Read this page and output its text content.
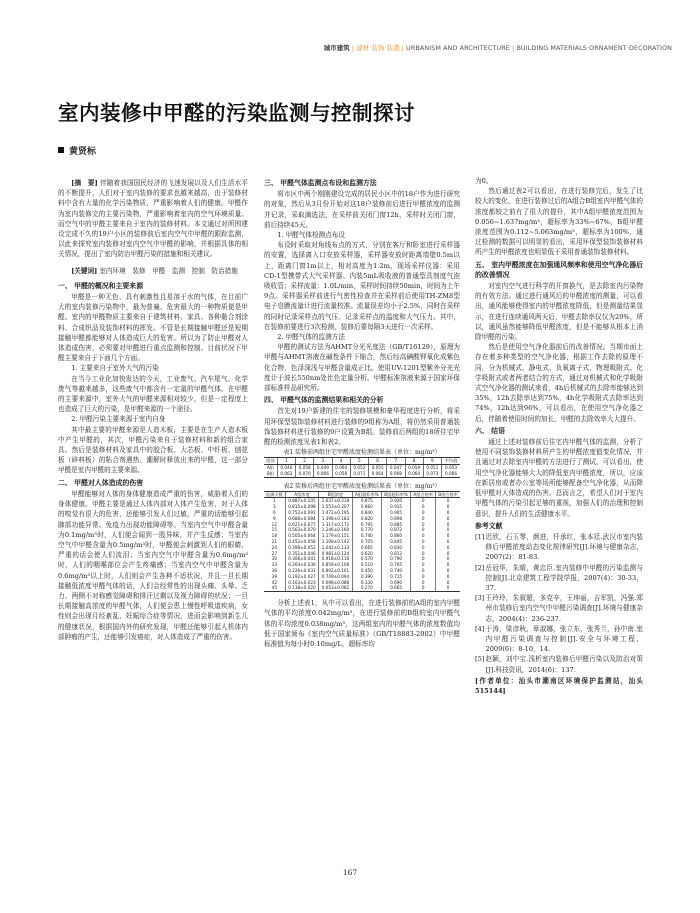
城市建筑 | 建材·装饰·装潢 | URBANISM AND ARCHITECTURE | BUILDING MATERIALS·ORNAMENT·DECORATION
室内装修中甲醛的污染监测与控制探讨
黄贤标

[摘　要] 伴随着我国国民经济的飞速发展以及人们生活水平的不断提升，人们对于室内装修的要求也越来越高，由于装修材料中含有大量的化学污染物质，严重影响着人们的健康。甲醛作为室内装修完的主要污染物，严重影响着室内的空气环境质量。而空气中的甲醛主要来自于室内的装修材料。本文通过对所围建设完成不久的19户小区的装修前后室内空气中甲醛的跟踪监测，以此来探究室内装修对室内空气中甲醛的影响，并根据具体的相关情况，提出了室内防治甲醛污染的措施和相关建议。

[关键词] 室内环境　装修　甲醛　监测　控制　防治措施

一、 甲醛的概况和主要来源

甲醛是一种无色、具有刺激性且易溶于水的气体，在目前广大的室内装修污染物中，最为普遍、危害最大的一种物质便是甲醛。室内的甲醛物质主要来自于建筑材料、家具、各种黏合剂涂料、合成织品及装饰材料的挥发。不管是长期接触甲醛还是短期接触甲醛都能够对人体造成巨大的危害。所以为了防止甲醛对人体造成伤害，必须要对甲醛进行重点监测和控制。目前状况下甲醛主要来自于下面几个方面。

1. 主要来自于室外大气的污染

在当今工业化加快发达的今天，工业废气、汽车尾气、化学废气等越来越多，这些废气中都含有一定量的甲醛气体。在甲醛的主要来源中，室外大气的甲醛来源相对较少，但是一定程度上也造成了巨大的污染，是甲醛来源的一个途径。

2. 甲醛污染主要来源于室内自身

其中最主要的甲醛来源是人造木板，主要是在生产人造木板中产生甲醛的，其次，甲醛污染来自于装修材料和新的组合家具。然后是装修材料及家具中的胶合板、大芯板、中纤板、刨花板（碎料板）的粘合剂遇热、潮解时释放出来的甲醛，这一部分甲醛是室内甲醛的主要来源。

二、 甲醛对人体造成的伤害

甲醛能够对人体的身体健康造成严重的伤害，威胁着人们的身体健康。甲醛主要是通过人体内部对人体产生危害，对于人体的嗅觉有很大的危害，还能够引发人们过敏，严重的话能够引起肺部功能异常、免疫力出现功能障碍等。当室内空气中甲醛含量为0.1mg/m³时，人们便会闻到一股异味，并产生反感；当室内空气中甲醛含量为0.5mg/m³时，甲醛便会刺激到人们的眼睛，严重的话会使人们流泪；当室内空气中甲醛含量为0.6mg/m³时，人们的咽喉部位会产生疼痛感；当室内空气中甲醛含量为0.6mg/m³以上时，人们则会产生各种不适状况，并且一旦长期接触低浓度甲醛气体的话，人们会经常性的出现头痛、头晕、乏力、两侧不对称感觉障碍和排汗过剩以及视力障碍的状况；一旦长期接触高浓度的甲醛气体，人们便会患上慢性呼吸道疾病，女性则会出现月经紊乱、妊娠综合症等情况，进而会影响到新生儿的健康状况，根据国内外的研究发现，甲醛还能够引起人机体内部肿瘤的产生，还能够引发癌症，对人体造成了严重的伤害。

三、 甲醛气体监测点布设和监测方法

将市区中两个刚刚建设完成的居民小区中的18户作为进行研究的对象，然后从3月份开始对这18户装修前后进行甲醛浓度的监测并记录，采取滴选法，在采样前关闭门窗12h，采样时关闭门窗，前后持续45天。

1. 甲醛气体检测点布设

布设时采取对角线布点的方式，分别在客厅和卧室进行采样器的安置，选择离入口安放采样器，采样器安放时距离墙壁0.5m以上，距离门窗1m以上，相对高度为1.2m，现场采样仪器：采用CD-1型携带式大气采样器、内装5mL吸收液的普通型具刻度气泡吸收管；采样流量：1.0L/min，采样时间持续50min，时间为上午9点。采样器采样前进行气密性检查并在采样前后使用TH-ZM8型电子皂膜流量计进行流量校准。流量误差均小于2.5%，同时在采样的同时记录采样点的气压、记录采样点的温度和大气压力。其中，在装修前要进行3次检测，装修后要每隔3天进行一次采样。

2. 甲醛气体的监测方法

甲醛的测试方法为AHMT分光光度法（GB/T16129），原理为甲醛与AHMT溶液在碱性条件下缩合，然后经高碘酸钾氧化成紫色化合物，色泽深浅与甲醛含量成正比。使用UV-1201型紫外分光光度计于波长550nm处比色定量分析。甲醛标准溶液来源于国家环保部标准样品研究所。

四、 甲醛气体的监测结果和相关的分析

首先对19户新建的住宅的装修规模和豪华程度进行分析，将采用环保型装饰装修材料进行装修的9组称为A组，将仍然采用普通装饰装修材料进行装修的9户设置为B组。装修前后两组的18所住宅甲醛的检测浓度见表1和表2。

表1 装修前两组住宅甲醛浓度检测结果表（单位：mg/m³）
组别	1	2	3	4	5	6	7	8	9	平均值
A组	0.046	0.058	0.049	0.060	0.052	0.055	0.047	0.059	0.051	0.053
B组	0.062	0.070	0.066	0.058	0.071	0.064	0.068	0.060	0.073	0.066
表2 装修后两组住宅甲醛浓度检测结果表（单位：mg/m³）
监测天数	A组浓度	B组浓度	A组超标率%	B组超标率%	A组合格率	B组合格率
1	0.887±0.105	1.637±0.218	0.875	0.920	0	0
3	0.815±0.098	1.553±0.207	0.860	0.915	0	0
6	0.752±0.091	1.472±0.195	0.840	0.905	0	0
9	0.688±0.084	1.398±0.183	0.820	0.898	0	0
12	0.621±0.077	1.317±0.172	0.795	0.885	0	0
15	0.563±0.070	1.246±0.160	0.770	0.872	0	0
18	0.505±0.064	1.179±0.151	0.740	0.860	0	0
21	0.452±0.058	1.108±0.142	0.705	0.845	0	0
24	0.398±0.052	1.042±0.133	0.665	0.830	0	0
27	0.351±0.046	0.981±0.124	0.620	0.812	0	0
30	0.306±0.041	0.918±0.116	0.570	0.790	0	0
33	0.264±0.036	0.859±0.108	0.510	0.765	0	0
36	0.226±0.031	0.802±0.101	0.450	0.740	0	0
39	0.192±0.027	0.749±0.094	0.390	0.715	0	0
42	0.163±0.023	0.698±0.088	0.330	0.690	0	0
45	0.138±0.020	0.653±0.082	0.270	0.665	0	0

分析上述表1，从中可以看出，在进行装修前的A组的室内甲醛气体的平均浓度0.042mg/m³，在进行装修前的B组的室内甲醛气体的平均浓度0.038mg/m³，这两组室内的甲醛气体的浓度数值均低于国家颁布《室内空气质量标准》（GB/T18883-2002）中甲醛标准值为每小时0.10mg/L，超标率均

为0。

然后通过表2可以看出，在进行装修完后，发生了比较大的变化，在进行装修过后的A组合B组室内甲醛气体的浓度都较之前有了很大的提升，其中A组甲醛浓度范围为0.056~1.637mg/m³，超标率为33%~67%，B组甲醛浓度范围为0.112~5.063mg/m³，超标率为100%，通过检测的数据可以明显的看出，采用环保型装饰装修材料所产生的甲醛浓度也明显低于采用普通装饰装修材料。

五、 室内甲醛浓度在加强通风频率和使用空气净化器后的改善情况

对室内空气进行科学的开窗换气，是去除室内污染物的有效方法。通过进行通风后的甲醛浓度的测量，可以看出，通风能够使得室内的甲醛浓度降低，但是测量结果显示，在进行连续通风两天后，甲醛去除率仅仅为20%，所以，通风虽然能够降低甲醛浓度，但是不能够从根本上消除甲醛的污染。

然后是使用空气净化器前后的改善情况。当期市面上存在着多种类型的空气净化器，根据工作去除的原理不同，分为机械式、静电式、负氧离子式、物理吸附式、化学吸附式或者两者结合的方式，通过对机械式和化学吸附式空气净化器的测试来看，4h后机械式的去除率能够达到35%，12h去除率达到75%，4h化学吸附式去除率达到74%，12h达到96%，可以看出，在使用空气净化器之后，伴随着使用时间的加长，甲醛的去除效率大大提升。

六、 结语

通过上述对装修前后住宅内甲醛气体的监测，分析了使用不同装饰装修材料所产生的甲醛浓度值变化情况，并且通过对去除室内甲醛的方法进行了测试，可以看出，使用空气净化器能够大大的降低室内甲醛浓度，所以，应该在新居房或者办公室等场所能够配备空气净化器，从而降低甲醛对人体造成的伤害。总而言之，希望人们对于室内甲醛气体的污染引起足够的重视，加强人们的治理和控制意识，提升人们的生活健康水平。

参考文献

[1] 迟欣，石玉琴，颜进，仟承红，张本廷.武汉市室内装修后甲醛浓度动态变化规律研究[J].环境与健康杂志，2007(2)：81-83.

[2] 岳冠华，朱晴，黄忠臣.室内装修中甲醛的污染监测与控制[J].北京建筑工程学院学报，2007(4)：30-33，37.

[3] 王玲玲，朱叙超，多克辛，王坤丽，吉军凯，冯强.郑州市装修后室内空气中甲醛污染调查[J].环境与健康杂志，2004(4)：236-237.

[4] 于涛，梁彦秋，章淑娜，张立东，张秀兰，孙中南.室内甲醛污染调查与控制[J].安全与环境工程，2009(6)：8-10，14.

[5] 赵颖，刘中宝.浅析室内装修后甲醛污染以及防治对策[J].科技资讯，2014(6)：137.

[作者单位：汕头市潮南区环境保护监测站，汕头515144]

167
